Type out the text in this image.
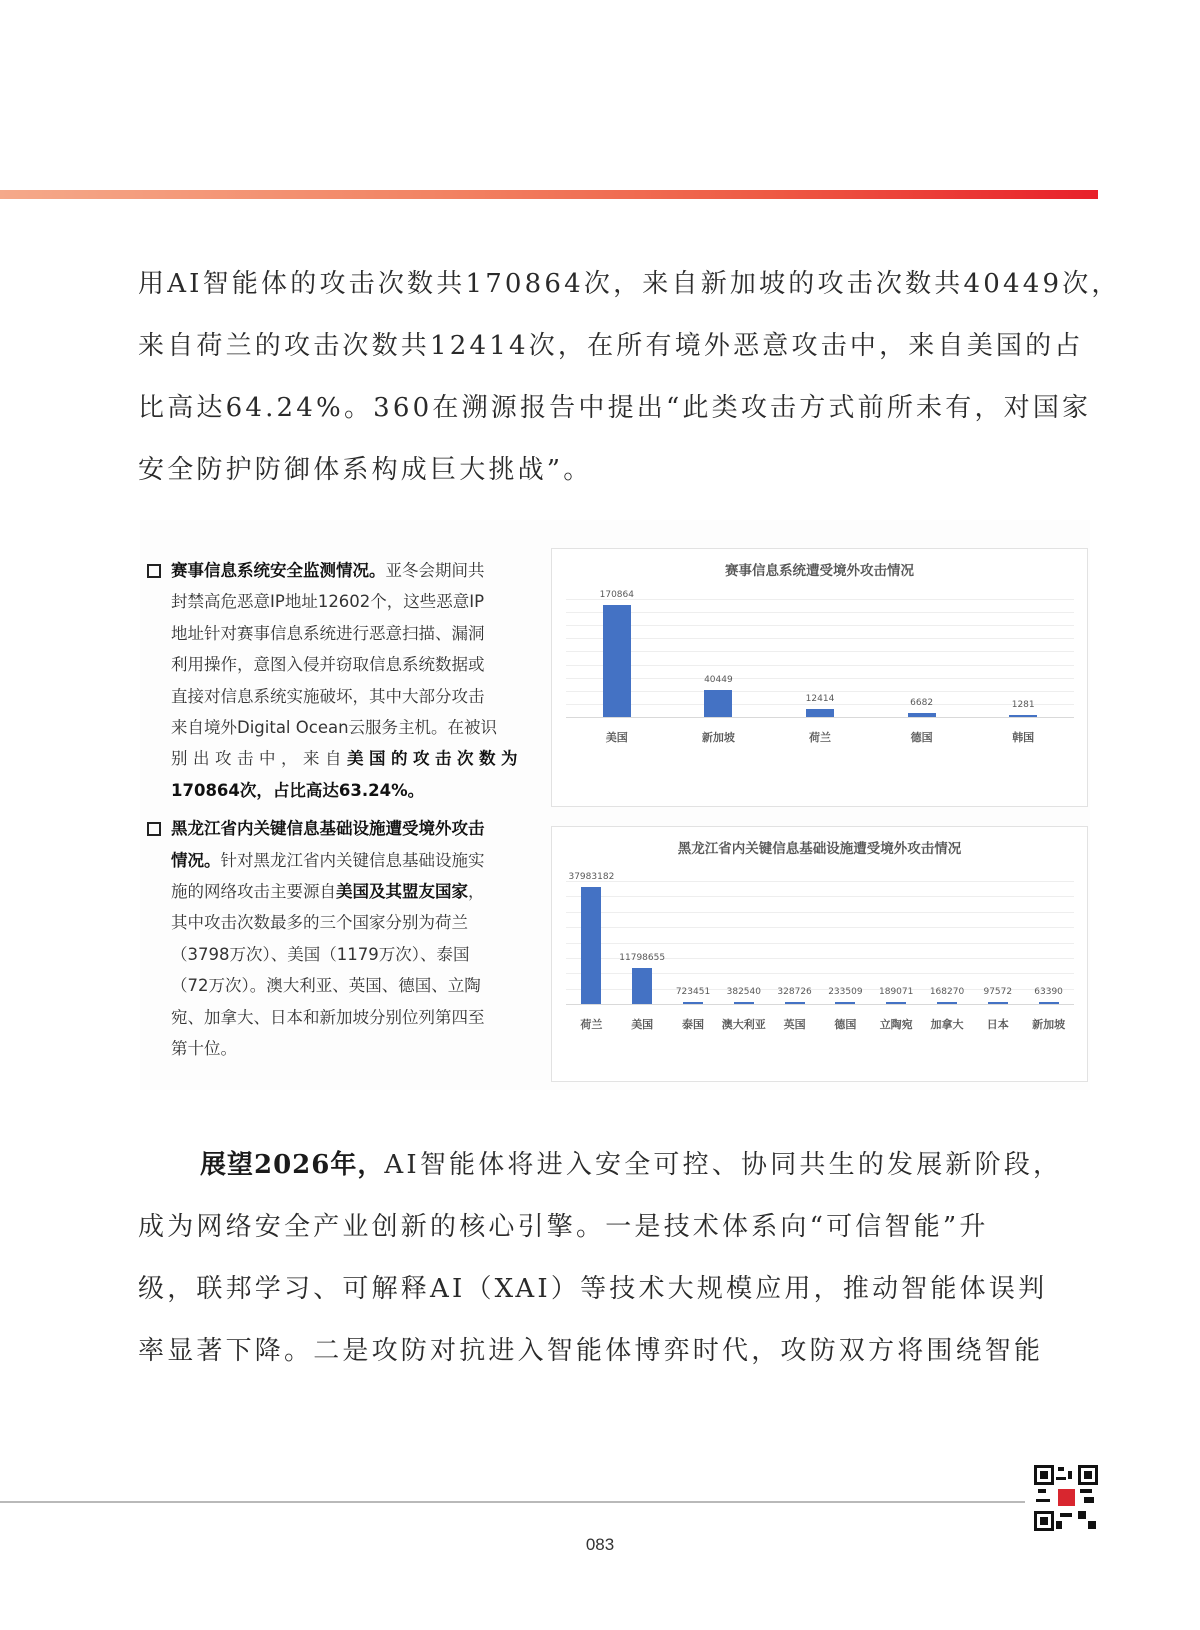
用AI智能体的攻击次数共170864次，来自新加坡的攻击次数共40449次，

来自荷兰的攻击次数共12414次，在所有境外恶意攻击中，来自美国的占

比高达64.24%。360在溯源报告中提出“此类攻击方式前所未有，对国家

安全防护防御体系构成巨大挑战”。

赛事信息系统安全监测情况。亚冬会期间共
封禁高危恶意IP地址12602个，这些恶意IP
地址针对赛事信息系统进行恶意扫描、漏洞
利用操作，意图入侵并窃取信息系统数据或
直接对信息系统实施破坏，其中大部分攻击
来自境外Digital Ocean云服务主机。在被识
别出攻击中，来自美国的攻击次数为
170864次，占比高达63.24%。
黑龙江省内关键信息基础设施遭受境外攻击
情况。针对黑龙江省内关键信息基础设施实
施的网络攻击主要源自美国及其盟友国家，
其中攻击次数最多的三个国家分别为荷兰
（3798万次）、美国（1179万次）、泰国
（72万次）。澳大利亚、英国、德国、立陶
宛、加拿大、日本和新加坡分别位列第四至
第十位。
赛事信息系统遭受境外攻击情况
170864
美国
40449
新加坡
12414
荷兰
6682
德国
1281
韩国
黑龙江省内关键信息基础设施遭受境外攻击情况
37983182
荷兰
11798655
美国
723451
泰国
382540
澳大利亚
328726
英国
233509
德国
189071
立陶宛
168270
加拿大
97572
日本
63390
新加坡

展望2026年，AI智能体将进入安全可控、协同共生的发展新阶段，

成为网络安全产业创新的核心引擎。一是技术体系向“可信智能”升

级，联邦学习、可解释AI（XAI）等技术大规模应用，推动智能体误判

率显著下降。二是攻防对抗进入智能体博弈时代，攻防双方将围绕智能

083
